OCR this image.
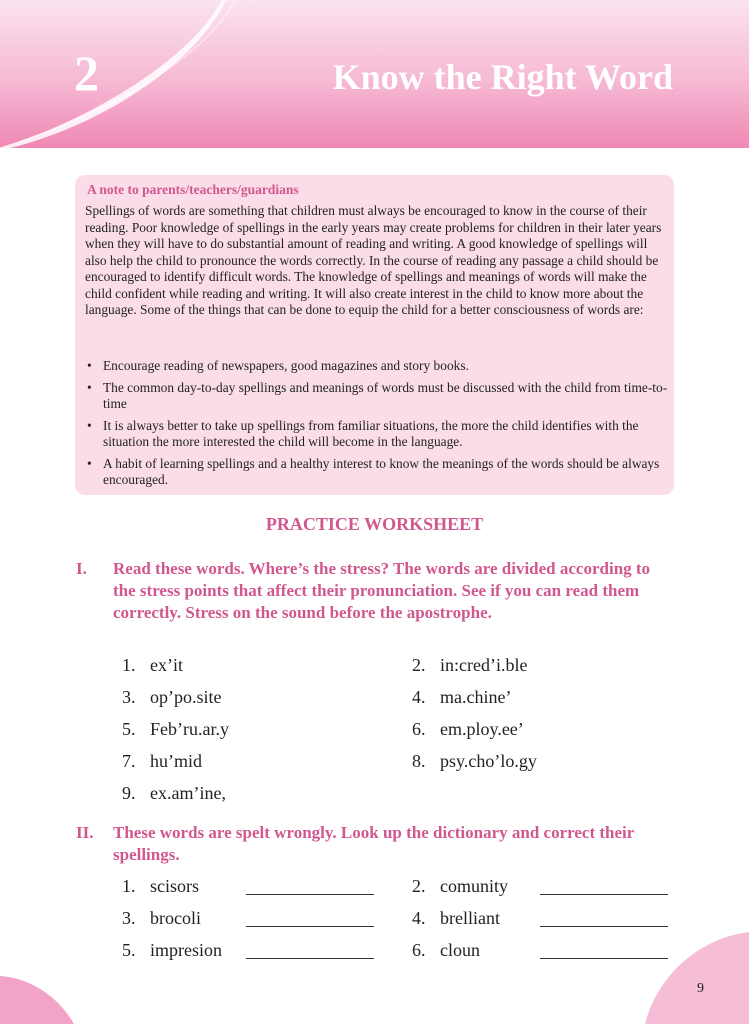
2	Know the Right Word
A note to parents/teachers/guardians
Spellings of words are something that children must always be encouraged to know in the course of their reading. Poor knowledge of spellings in the early years may create problems for children in their later years when they will have to do substantial amount of reading and writing. A good knowledge of spellings will also help the child to pronounce the words correctly. In the course of reading any passage a child should be encouraged to identify difficult words. The knowledge of spellings and meanings of words will make the child confident while reading and writing. It will also create interest in the child to know more about the language. Some of the things that can be done to equip the child for a better consciousness of words are:
• Encourage reading of newspapers, good magazines and story books.
• The common day-to-day spellings and meanings of words must be discussed with the child from time-to-time
• It is always better to take up spellings from familiar situations, the more the child identifies with the situation the more interested the child will become in the language.
• A habit of learning spellings and a healthy interest to know the meanings of the words should be always encouraged.
PRACTICE WORKSHEET
I. Read these words. Where’s the stress? The words are divided according to the stress points that affect their pronunciation. See if you can read them correctly. Stress on the sound before the apostrophe.
1. ex’it	2. in:cred’i.ble
3. op’po.site	4. ma.chine’
5. Feb’ru.ar.y	6. em.ploy.ee’
7. hu’mid	8. psy.cho’lo.gy
9. ex.am’ine,
II. These words are spelt wrongly. Look up the dictionary and correct their spellings.
1. scisors	2. comunity
3. brocoli	4. brelliant
5. impresion	6. cloun
9
